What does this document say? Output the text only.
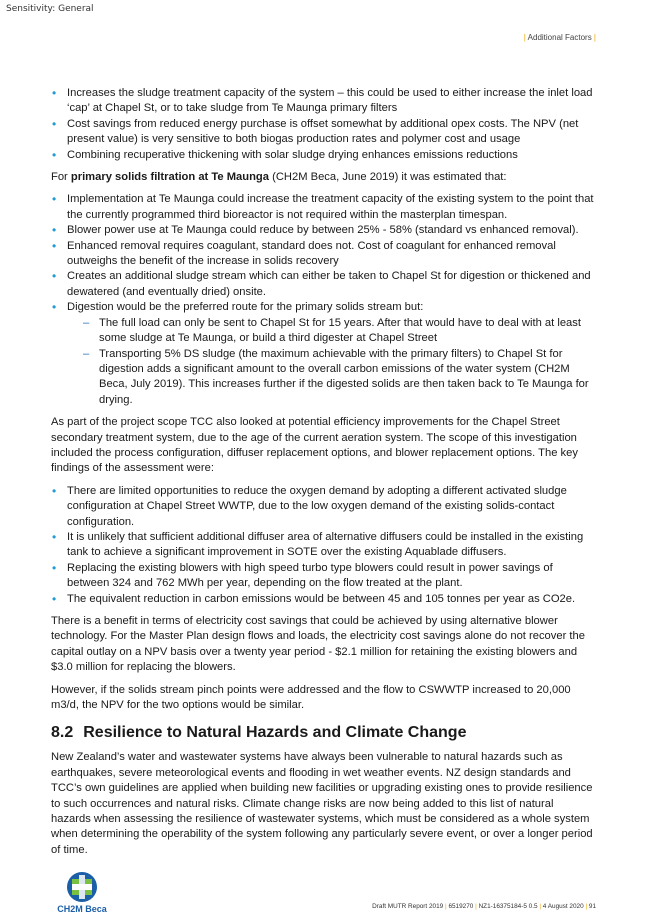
Sensitivity: General
| Additional Factors |
• Increases the sludge treatment capacity of the system – this could be used to either increase the inlet load ‘cap’ at Chapel St, or to take sludge from Te Maunga primary filters
• Cost savings from reduced energy purchase is offset somewhat by additional opex costs. The NPV (net present value) is very sensitive to both biogas production rates and polymer cost and usage
• Combining recuperative thickening with solar sludge drying enhances emissions reductions

For primary solids filtration at Te Maunga (CH2M Beca, June 2019) it was estimated that:

• Implementation at Te Maunga could increase the treatment capacity of the existing system to the point that the currently programmed third bioreactor is not required within the masterplan timespan.
• Blower power use at Te Maunga could reduce by between 25% - 58% (standard vs enhanced removal).
• Enhanced removal requires coagulant, standard does not. Cost of coagulant for enhanced removal outweighs the benefit of the increase in solids recovery
• Creates an additional sludge stream which can either be taken to Chapel St for digestion or thickened and dewatered (and eventually dried) onsite.
• Digestion would be the preferred route for the primary solids stream but:
– The full load can only be sent to Chapel St for 15 years. After that would have to deal with at least some sludge at Te Maunga, or build a third digester at Chapel Street
– Transporting 5% DS sludge (the maximum achievable with the primary filters) to Chapel St for digestion adds a significant amount to the overall carbon emissions of the water system (CH2M Beca, July 2019). This increases further if the digested solids are then taken back to Te Maunga for drying.

As part of the project scope TCC also looked at potential efficiency improvements for the Chapel Street secondary treatment system, due to the age of the current aeration system. The scope of this investigation included the process configuration, diffuser replacement options, and blower replacement options. The key findings of the assessment were:

• There are limited opportunities to reduce the oxygen demand by adopting a different activated sludge configuration at Chapel Street WWTP, due to the low oxygen demand of the existing solids-contact configuration.
• It is unlikely that sufficient additional diffuser area of alternative diffusers could be installed in the existing tank to achieve a significant improvement in SOTE over the existing Aquablade diffusers.
• Replacing the existing blowers with high speed turbo type blowers could result in power savings of between 324 and 762 MWh per year, depending on the flow treated at the plant.
• The equivalent reduction in carbon emissions would be between 45 and 105 tonnes per year as CO2e.

There is a benefit in terms of electricity cost savings that could be achieved by using alternative blower technology. For the Master Plan design flows and loads, the electricity cost savings alone do not recover the capital outlay on a NPV basis over a twenty year period - $2.1 million for retaining the existing blowers and $3.0 million for replacing the blowers.

However, if the solids stream pinch points were addressed and the flow to CSWWTP increased to 20,000 m3/d, the NPV for the two options would be similar.

8.2 Resilience to Natural Hazards and Climate Change

New Zealand’s water and wastewater systems have always been vulnerable to natural hazards such as earthquakes, severe meteorological events and flooding in wet weather events. NZ design standards and TCC’s own guidelines are applied when building new facilities or upgrading existing ones to provide resilience to such occurrences and natural risks. Climate change risks are now being added to this list of natural hazards when assessing the resilience of wastewater systems, which must be considered as a whole system when determining the operability of the system following any particularly severe event, or over a longer period of time.

CH2M Beca	Draft MUTR Report 2019 | 6519270 | NZ1-16375184-5 0.5 | 4 August 2020 | 91
